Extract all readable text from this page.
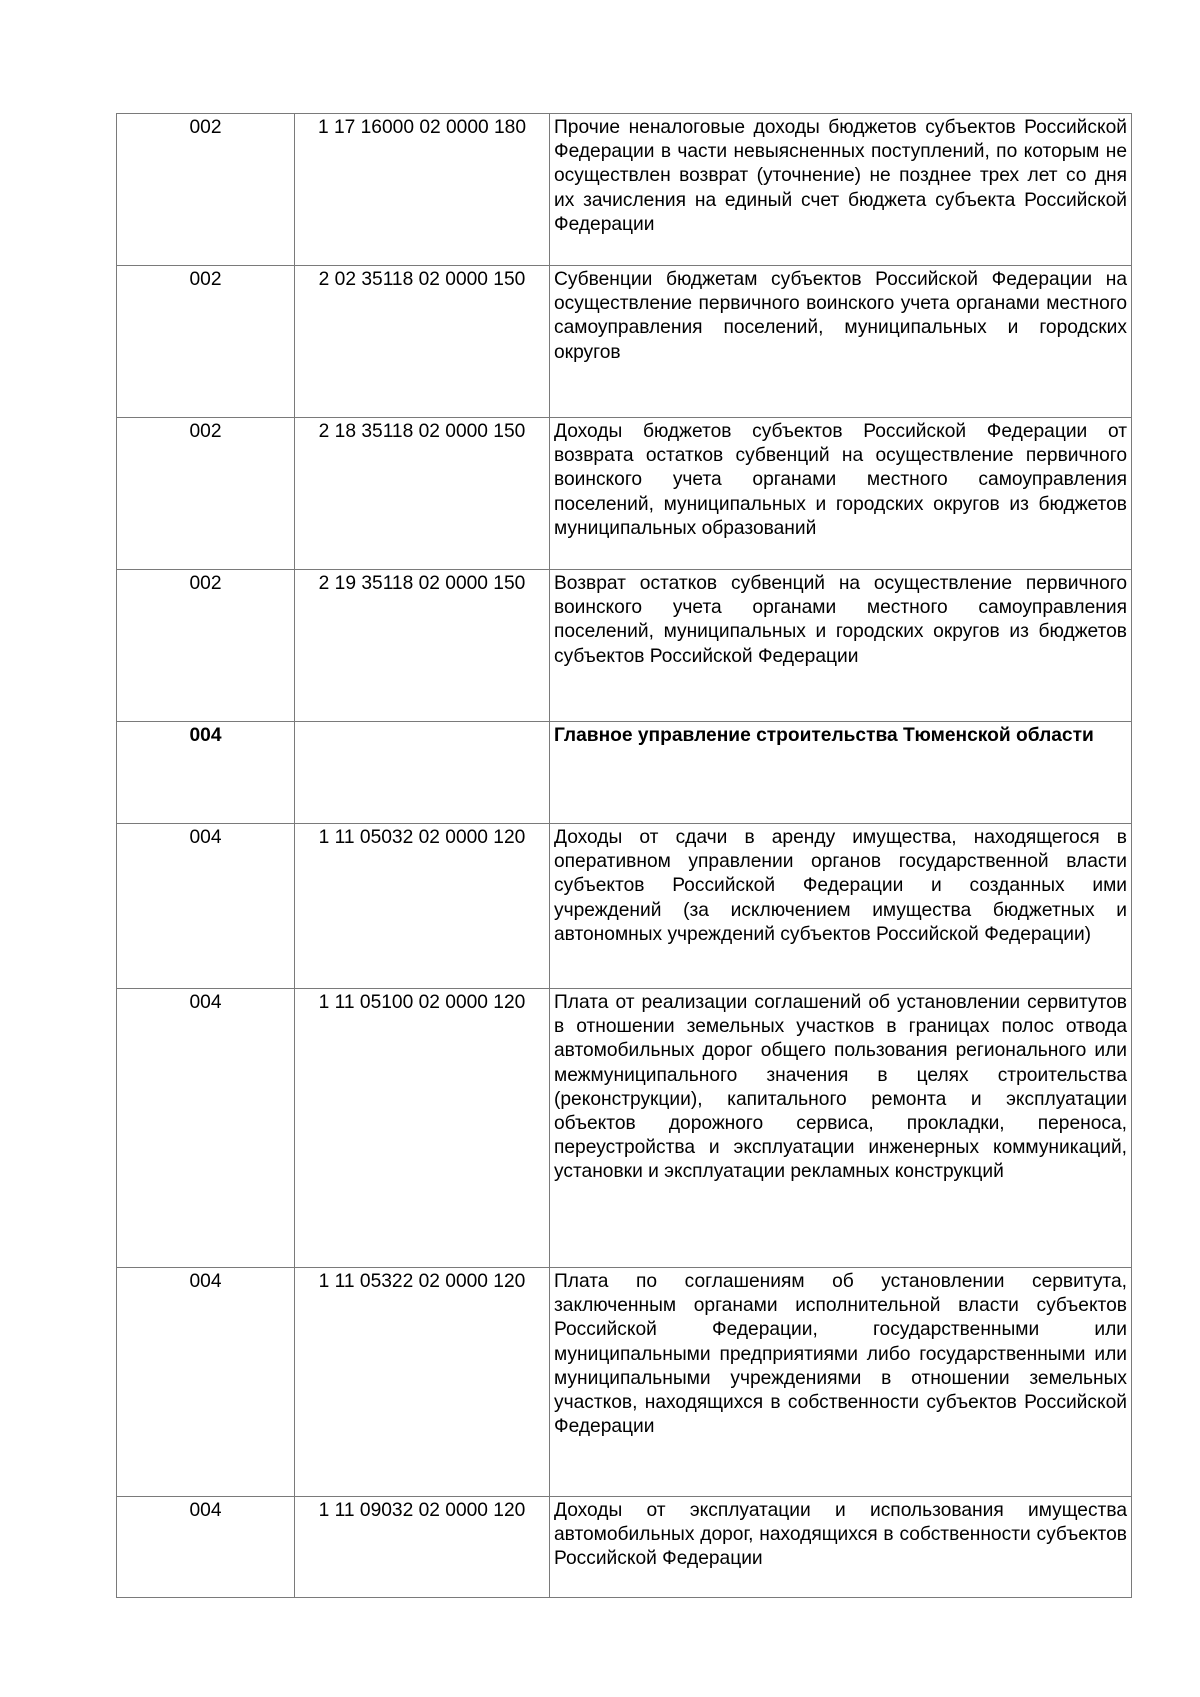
002	1 17 16000 02 0000 180	Прочие неналоговые доходы бюджетов субъектов Российской Федерации в части невыясненных поступлений, по которым не осуществлен возврат (уточнение) не позднее трех лет со дня их зачисления на единый счет бюджета субъекта Российской Федерации
002	2 02 35118 02 0000 150	Субвенции бюджетам субъектов Российской Федерации на осуществление первичного воинского учета органами местного самоуправления поселений, муниципальных и городских округов
002	2 18 35118 02 0000 150	Доходы бюджетов субъектов Российской Федерации от возврата остатков субвенций на осуществление первичного воинского учета органами местного самоуправления поселений, муниципальных и городских округов из бюджетов муниципальных образований
002	2 19 35118 02 0000 150	Возврат остатков субвенций на осуществление первичного воинского учета органами местного самоуправления поселений, муниципальных и городских округов из бюджетов субъектов Российской Федерации
004		Главное управление строительства Тюменской области
004	1 11 05032 02 0000 120	Доходы от сдачи в аренду имущества, находящегося в оперативном управлении органов государственной власти субъектов Российской Федерации и созданных ими учреждений (за исключением имущества бюджетных и автономных учреждений субъектов Российской Федерации)
004	1 11 05100 02 0000 120	Плата от реализации соглашений об установлении сервитутов в отношении земельных участков в границах полос отвода автомобильных дорог общего пользования регионального или межмуниципального значения в целях строительства (реконструкции), капитального ремонта и эксплуатации объектов дорожного сервиса, прокладки, переноса, переустройства и эксплуатации инженерных коммуникаций, установки и эксплуатации рекламных конструкций
004	1 11 05322 02 0000 120	Плата по соглашениям об установлении сервитута, заключенным органами исполнительной власти субъектов Российской Федерации, государственными или муниципальными предприятиями либо государственными или муниципальными учреждениями в отношении земельных участков, находящихся в собственности субъектов Российской Федерации
004	1 11 09032 02 0000 120	Доходы от эксплуатации и использования имущества автомобильных дорог, находящихся в собственности субъектов Российской Федерации
